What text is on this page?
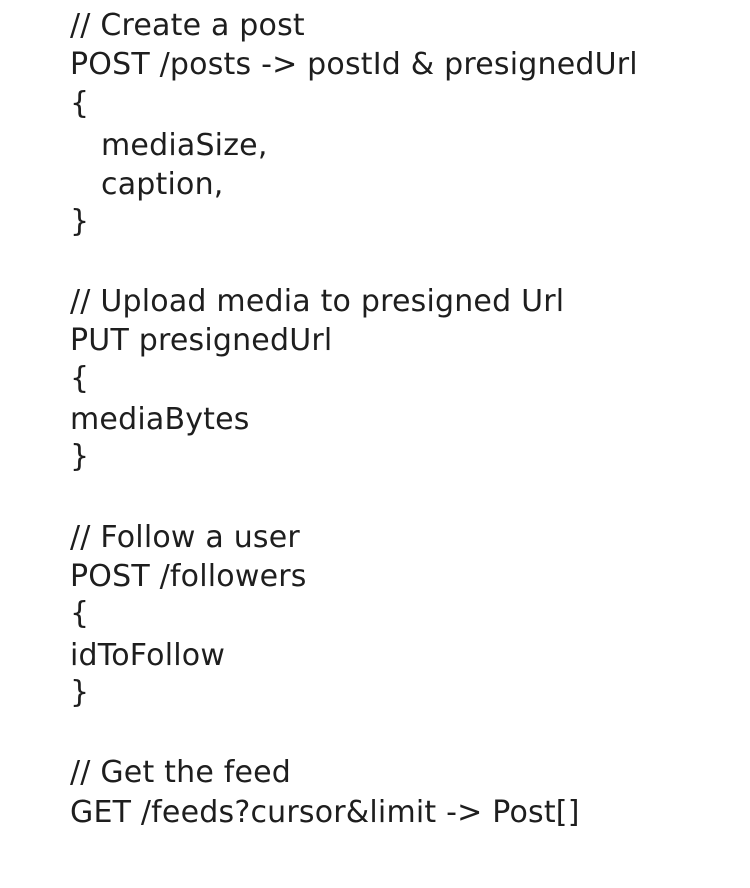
// Create a post

POST /posts -> postId & presignedUrl

{

mediaSize,

caption,

}

// Upload media to presigned Url

PUT presignedUrl

{

mediaBytes

}

// Follow a user

POST /followers

{

idToFollow

}

// Get the feed

GET /feeds?cursor&limit -> Post[]
